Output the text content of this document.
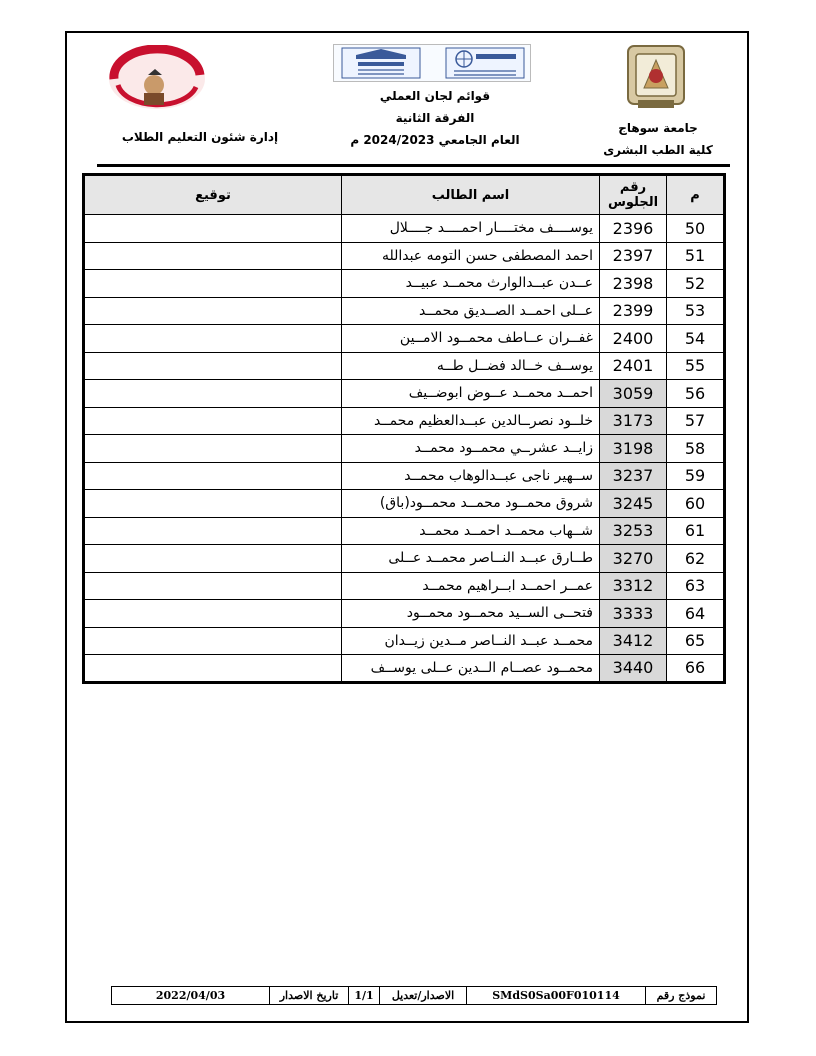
جامعة سوهاج
كلية الطب البشرى
قوائم لجان العملي
الفرقة الثانية
العام الجامعي 2024/2023 م
إدارة شئون التعليم الطلاب
م	رقم الجلوس	اسم الطالب	توقيع
50	2396	يوســــف مختــــار احمــــد جــــلال	
51	2397	احمد المصطفى حسن التومه عبدالله	
52	2398	عــدن عبــدالوارث محمــد عبيــد	
53	2399	عــلى احمــد الصــديق محمــد	
54	2400	غفــران عــاطف محمــود الامــين	
55	2401	يوســف خــالد فضــل طــه	
56	3059	احمــد محمــد عــوض ابوضــيف	
57	3173	خلــود نصرــالدين عبــدالعظيم محمــد	
58	3198	زايــد عشرــي محمــود محمــد	
59	3237	ســهير ناجى عبــدالوهاب محمــد	
60	3245	شروق محمــود محمــد محمــود(باق)	
61	3253	شــهاب محمــد احمــد محمــد	
62	3270	طــارق عبــد النــاصر محمــد عــلى	
63	3312	عمــر احمــد ابــراهيم محمــد	
64	3333	فتحــى الســيد محمــود محمــود	
65	3412	محمــد عبــد النــاصر مــدين زيــدان	
66	3440	محمــود عصــام الــدين عــلى يوســف	
نموذج رقم	SMdS0Sa00F010114	الاصدار/تعديل	1/1	تاريخ الاصدار	2022/04/03
